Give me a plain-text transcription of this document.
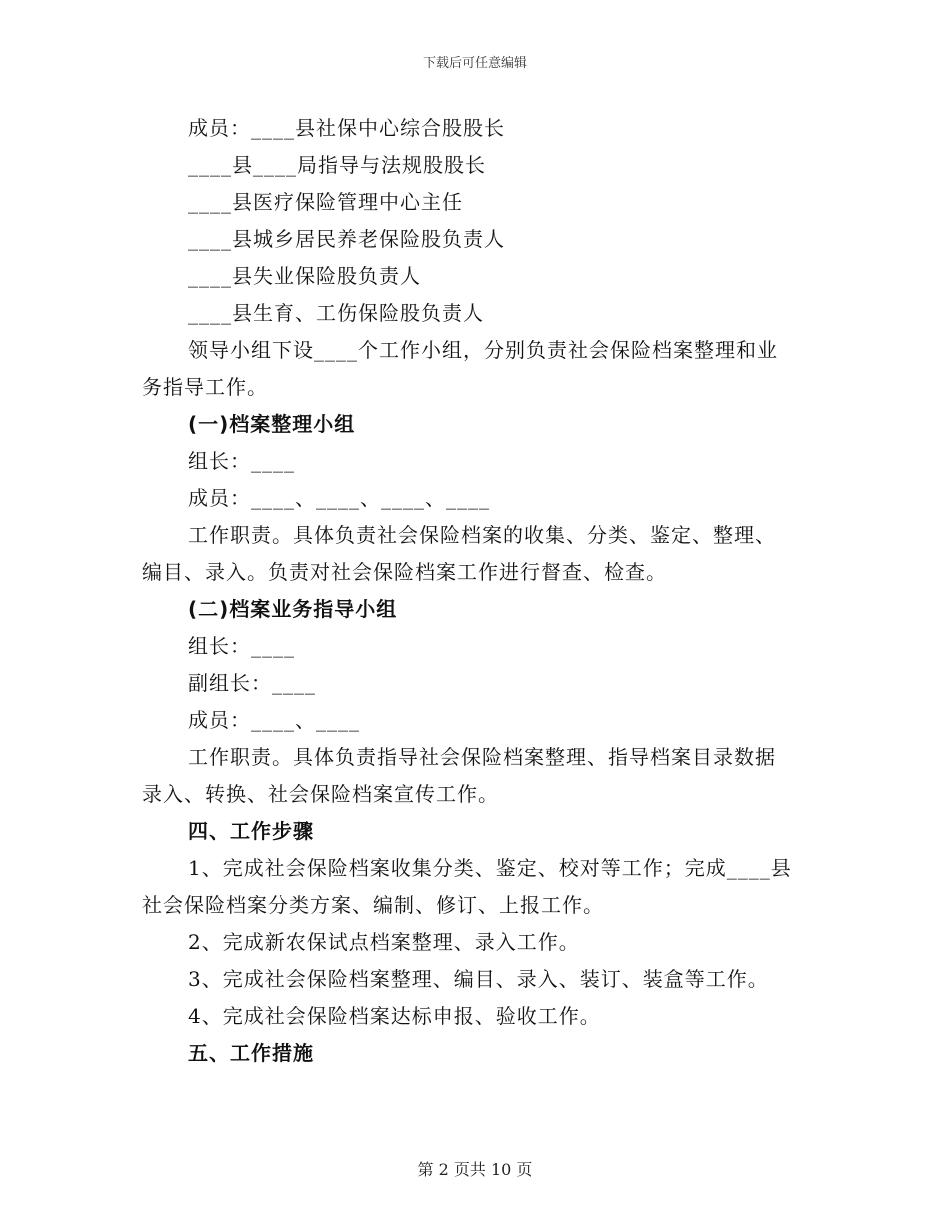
下载后可任意编辑
成员：____县社保中心综合股股长
____县____局指导与法规股股长
____县医疗保险管理中心主任
____县城乡居民养老保险股负责人
____县失业保险股负责人
____县生育、工伤保险股负责人
领导小组下设____个工作小组，分别负责社会保险档案整理和业
务指导工作。
(一)档案整理小组
组长：____
成员：____、____、____、____
工作职责。具体负责社会保险档案的收集、分类、鉴定、整理、
编目、录入。负责对社会保险档案工作进行督查、检查。
(二)档案业务指导小组
组长：____
副组长：____
成员：____、____
工作职责。具体负责指导社会保险档案整理、指导档案目录数据
录入、转换、社会保险档案宣传工作。
四、工作步骤
1、完成社会保险档案收集分类、鉴定、校对等工作；完成____县
社会保险档案分类方案、编制、修订、上报工作。
2、完成新农保试点档案整理、录入工作。
3、完成社会保险档案整理、编目、录入、装订、装盒等工作。
4、完成社会保险档案达标申报、验收工作。
五、工作措施
第 2 页共 10 页
